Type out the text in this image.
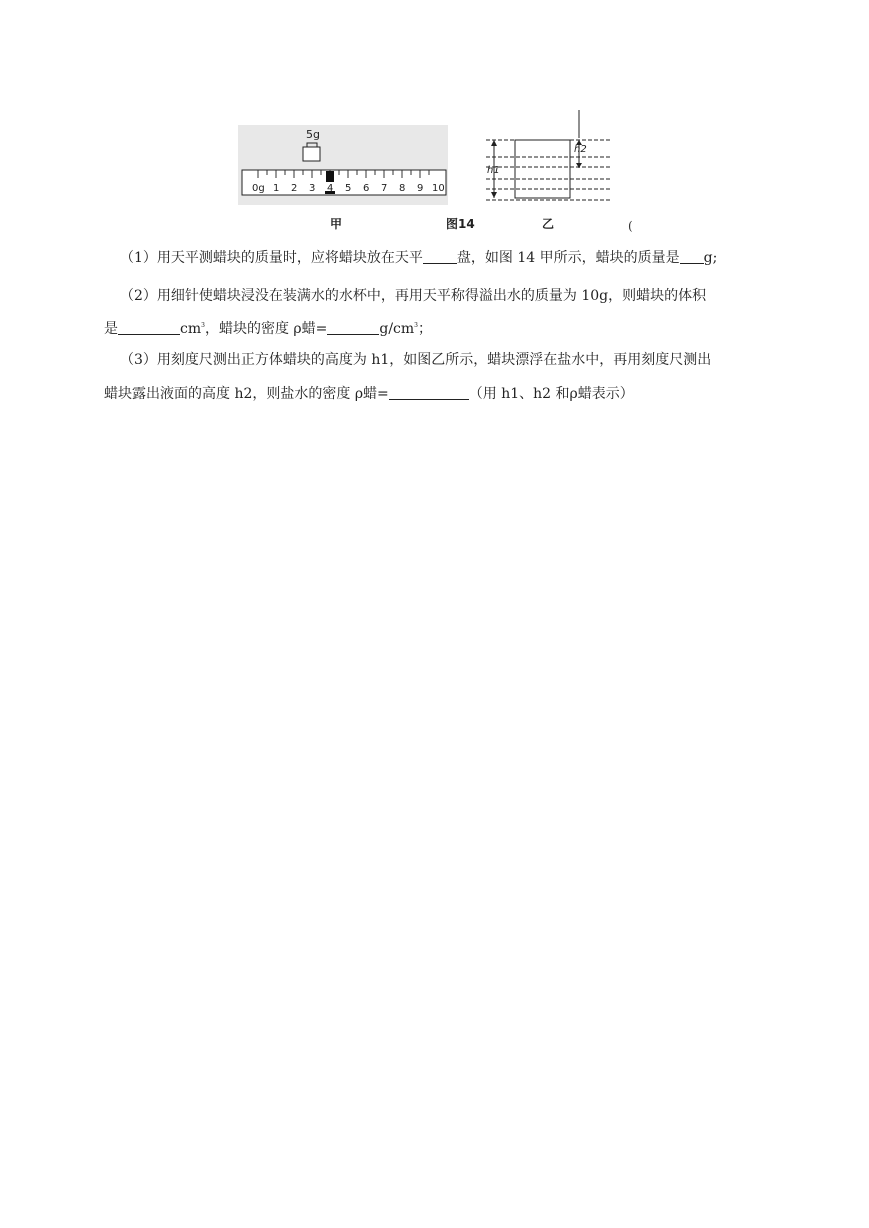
5g
0g 1 2 3 4 5 6 7 8 9 10
h1
h2
甲	图14	乙	(
（1）用天平测蜡块的质量时，应将蜡块放在天平 盘，如图 14 甲所示，蜡块的质量是 g;
（2）用细针使蜡块浸没在装满水的水杯中，再用天平称得溢出水的质量为 10g，则蜡块的体积
是	$cm^3$，蜡块的密度 ρ蜡=	$g/cm^3$；
（3）用刻度尺测出正方体蜡块的高度为 h1，如图乙所示，蜡块漂浮在盐水中，再用刻度尺测出
蜡块露出液面的高度 h2，则盐水的密度 ρ蜡=	（用 h1、h2 和ρ蜡表示）
